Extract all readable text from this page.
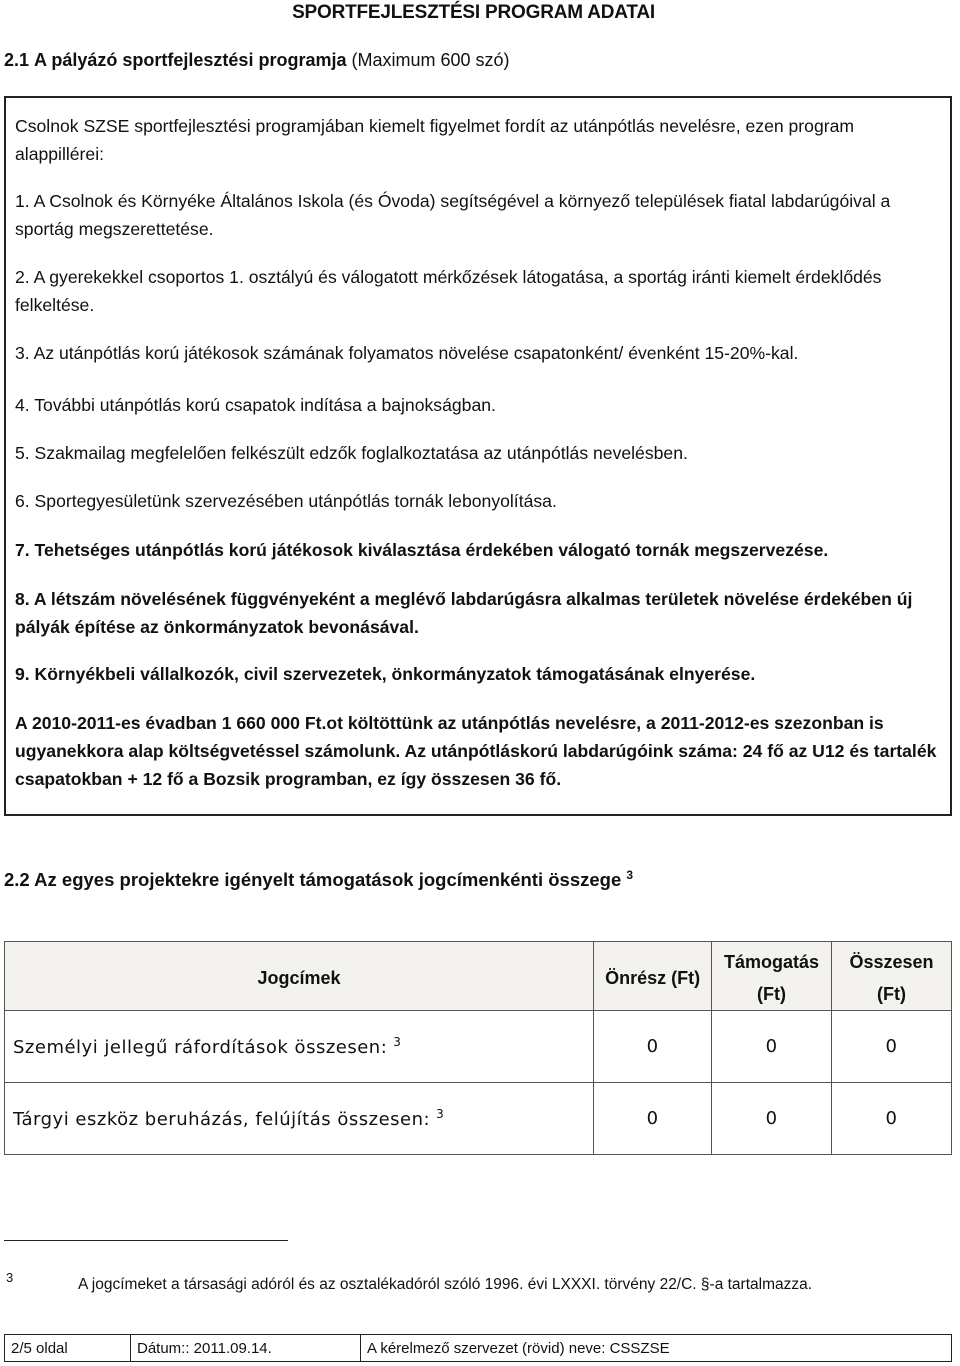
SPORTFEJLESZTÉSI PROGRAM ADATAI
2.1 A pályázó sportfejlesztési programja (Maximum 600 szó)

Csolnok SZSE sportfejlesztési programjában kiemelt figyelmet fordít az utánpótlás nevelésre, ezen program alappillérei:

1. A Csolnok és Környéke Általános Iskola (és Óvoda) segítségével a környező települések fiatal labdarúgóival a sportág megszerettetése.

2. A gyerekekkel csoportos 1. osztályú és válogatott mérkőzések látogatása, a sportág iránti kiemelt érdeklődés felkeltése.

3. Az utánpótlás korú játékosok számának folyamatos növelése csapatonként/ évenként 15-20%-kal.

4. További utánpótlás korú csapatok indítása a bajnokságban.

5. Szakmailag megfelelően felkészült edzők foglalkoztatása az utánpótlás nevelésben.

6. Sportegyesületünk szervezésében utánpótlás tornák lebonyolítása.

7. Tehetséges utánpótlás korú játékosok kiválasztása érdekében válogató tornák megszervezése.

8. A létszám növelésének függvényeként a meglévő labdarúgásra alkalmas területek növelése érdekében új pályák építése az önkormányzatok bevonásával.

9. Környékbeli vállalkozók, civil szervezetek, önkormányzatok támogatásának elnyerése.

A 2010-2011-es évadban 1 660 000 Ft.ot költöttünk az utánpótlás nevelésre, a 2011-2012-es szezonban is ugyanekkora alap költségvetéssel számolunk. Az utánpótláskorú labdarúgóink száma: 24 fő az U12 és tartalék csapatokban + 12 fő a Bozsik programban, ez így összesen 36 fő.

2.2 Az egyes projektekre igényelt támogatások jogcímenkénti összege $^3$
Jogcímek	Önrész (Ft)	Támogatás (Ft)	Összesen (Ft)
Személyi jellegű ráfordítások összesen: $^3$	0	0	0
Tárgyi eszköz beruházás, felújítás összesen: $^3$	0	0	0
3	A jogcímeket a társasági adóról és az osztalékadóról szóló 1996. évi LXXXI. törvény 22/C. §-a tartalmazza.
2/5 oldal	Dátum:: 2011.09.14.	A kérelmező szervezet (rövid) neve: CSSZSE
